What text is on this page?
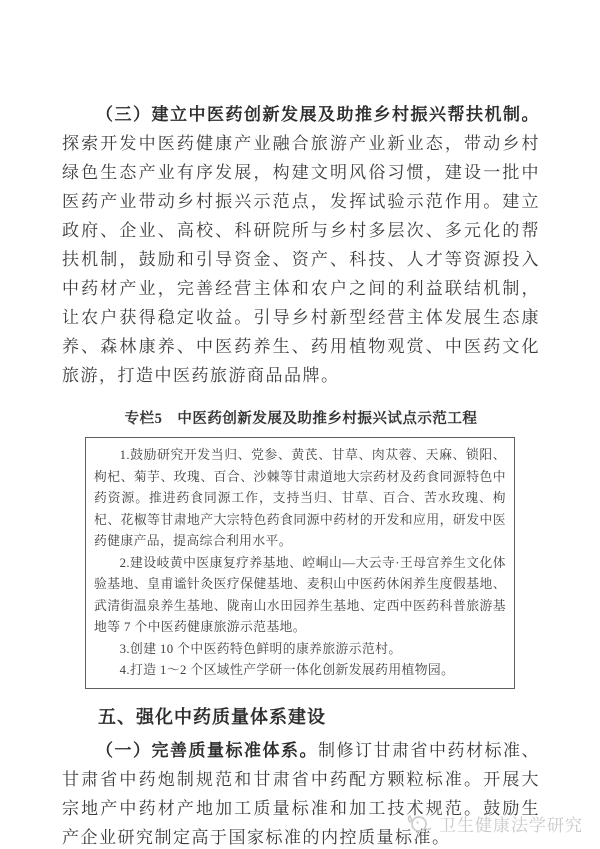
（三）建立中医药创新发展及助推乡村振兴帮扶机制。探索开发中医药健康产业融合旅游产业新业态，带动乡村绿色生态产业有序发展，构建文明风俗习惯，建设一批中医药产业带动乡村振兴示范点，发挥试验示范作用。建立政府、企业、高校、科研院所与乡村多层次、多元化的帮扶机制，鼓励和引导资金、资产、科技、人才等资源投入中药材产业，完善经营主体和农户之间的利益联结机制，让农户获得稳定收益。引导乡村新型经营主体发展生态康养、森林康养、中医药养生、药用植物观赏、中医药文化旅游，打造中医药旅游商品品牌。

专栏5　中医药创新发展及助推乡村振兴试点示范工程

1.鼓励研究开发当归、党参、黄芪、甘草、肉苁蓉、天麻、锁阳、枸杞、菊芋、玫瑰、百合、沙棘等甘肃道地大宗药材及药食同源特色中药资源。推进药食同源工作，支持当归、甘草、百合、苦水玫瑰、枸杞、花椒等甘肃地产大宗特色药食同源中药材的开发和应用，研发中医药健康产品，提高综合利用水平。

2.建设岐黄中医康复疗养基地、崆峒山—大云寺·王母宫养生文化体验基地、皇甫谧针灸医疗保健基地、麦积山中医药休闲养生度假基地、武清街温泉养生基地、陇南山水田园养生基地、定西中医药科普旅游基地等 7 个中医药健康旅游示范基地。

3.创建 10 个中医药特色鲜明的康养旅游示范村。

4.打造 1～2 个区域性产学研一体化创新发展药用植物园。

五、强化中药质量体系建设

（一）完善质量标准体系。制修订甘肃省中药材标准、甘肃省中药炮制规范和甘肃省中药配方颗粒标准。开展大宗地产中药材产地加工质量标准和加工技术规范。鼓励生产企业研究制定高于国家标准的内控质量标准。

卫生健康法学研究
